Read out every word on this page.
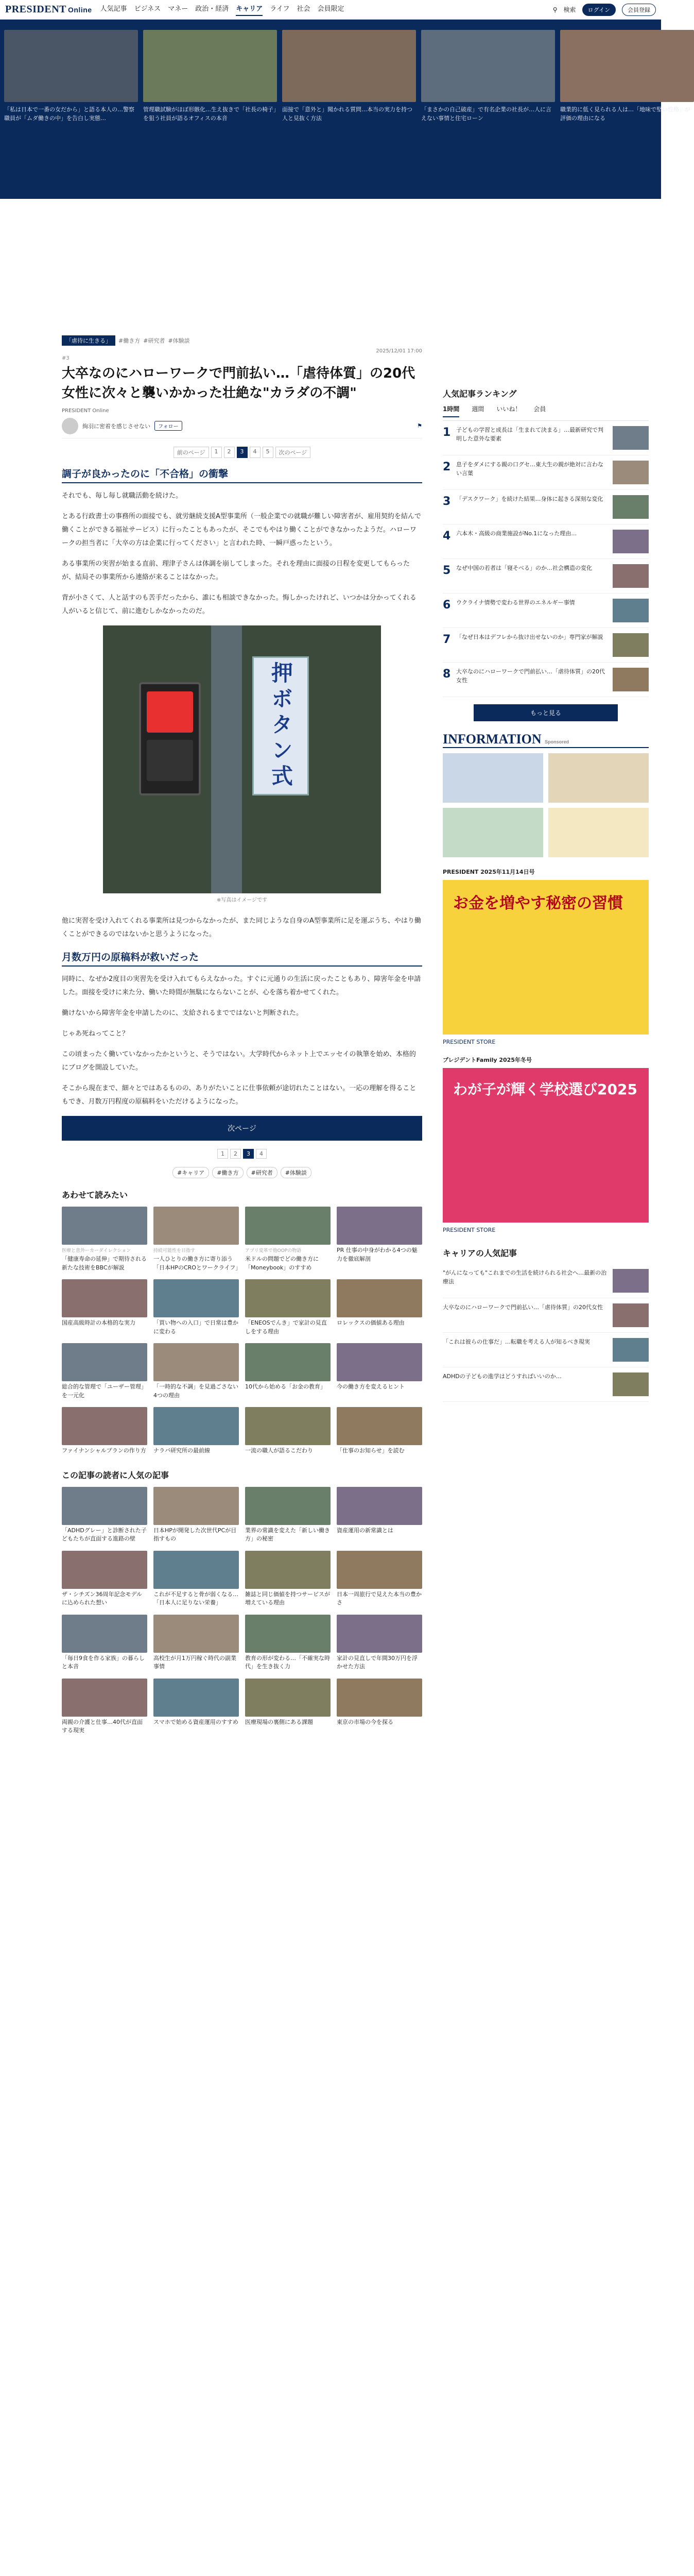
PRESIDENT Online 人気記事 ビジネス マネー 政治・経済 キャリア ライフ 社会 会員限定	⚲ 検索	ログイン	会員登録

「私は日本で一番の女だから」と語る本人の…警察職員が「ムダ働きの中」を告白し実態…

管理職試験がほぼ形骸化…生え抜きで「社長の椅子」を狙う社員が語るオフィスの本音

面接で「意外と」聞かれる質問…本当の実力を持つ人と見抜く方法

「まさかの自己破産」で有名企業の社長が…人に言えない事情と住宅ローン

職業的に低く見られる人は…「地味で堅い性格」が評価の理由になる

「虐待に生きる」	#働き方 #研究者 #体験談
2025/12/01 17:00
#3
大卒なのにハローワークで門前払い…「虐待体質」の20代女性に次々と襲いかかった壮絶な"カラダの不調"
PRESIDENT Online
絢羽に密着を感じさせない	フォロー	⚑
前のページ	1	2	3	4	5	次のページ
調子が良かったのに「不合格」の衝撃

それでも、毎し毎し就職活動を続けた。

とある行政書士の事務所の面接でも、就労継続支援A型事業所（一般企業での就職が難しい障害者が、雇用契約を結んで働くことができる福祉サービス）に行ったこともあったが、そこでもやはり働くことができなかったようだ。ハローワークの担当者に「大卒の方は企業に行ってください」と言われた時、一瞬戸惑ったという。

ある事業所の実習が始まる直前、理津子さんは体調を崩してしまった。それを理由に面接の日程を変更してもらったが、結局その事業所から連絡が来ることはなかった。

背が小さくて、人と話すのも苦手だったから、誰にも相談できなかった。悔しかったけれど、いつかは分かってくれる人がいると信じて、前に進むしかなかったのだ。

押ボタン式
※写真はイメージです

他に実習を受け入れてくれる事業所は見つからなかったが、また同じような自身のA型事業所に足を運ぶうち、やはり働くことができるのではないかと思うようになった。

月数万円の原稿料が救いだった

同時に、なぜか2度目の実習先を受け入れてもらえなかった。すぐに元通りの生活に戻ったこともあり、障害年金を申請した。面接を受けに来た分、働いた時間が無駄にならないことが、心を落ち着かせてくれた。

働けないから障害年金を申請したのに、支給されるまでではないと判断された。

じゃあ死ねってこと？

この頃まったく働いていなかったかというと、そうではない。大学時代からネット上でエッセイの執筆を始め、本格的にブログを開設していた。

そこから現在まで、細々とではあるものの、ありがたいことに仕事依頼が途切れたことはない。一応の理解を得ることもでき、月数万円程度の原稿料をいただけるようになった。

次ページ
1	2	3	4
#キャリア	#働き方	#研究者	#体験談
あわせて読みたい
医療と意外ーカーダイレクション

「健康寿命の延伸」で期待される新たな技術をBBCが解説

持続可能性を目指す

一人ひとりの働き方に寄り添う「日本HPのCROとワークライフ」

アプリ変革で他OOPの物語

米ドルの問題でどの働き方に「Moneybook」のすすめ

PR 仕事の中身がわかる4つの魅力を徹底解剖

国産高級時計の本格的な実力	「買い物への入口」で日常は豊かに変わる

「ENEOSでんき」で家計の見直しをする理由

ロレックスの価値ある理由

総合的な管理で「ユーザー管理」を一元化

「一時的な不調」を見過ごさない4つの理由

10代から始める「お金の教育」	今の働き方を変えるヒント

ファイナンシャルプランの作り方 ナラバ研究所の最前線	一流の職人が語るこだわり	「仕事のお知らせ」を読む

この記事の読者に人気の記事

「ADHDグレー」と診断された子どもたちが直面する進路の壁

日本HPが開発した次世代PCが目指すもの

業界の常識を変えた「新しい働き方」の秘密

資産運用の新常識とは

ザ・シチズン36周年記念モデルに込められた想い

これが不足すると骨が弱くなる…「日本人に足りない栄養」

雑誌と同じ価値を持つサービスが増えている理由

日本一周旅行で見えた本当の豊かさ

「毎日9食を作る家族」の暮らしと本音

高校生が月1万円稼ぐ時代の副業事情

教育の形が変わる…「不確実な時代」を生き抜く力

家計の見直しで年間30万円を浮かせた方法

両親の介護と仕事…40代が直面する現実

スマホで始める資産運用のすすめ 医療現場の裏側にある課題	東京の市場の今を探る

人気記事ランキング
1時間 週間 いいね！ 会員
1 子どもの学習と成長は「生まれて決まる」…最新研究で判明した意外な要素

2 息子をダメにする親の口グセ…東大生の親が絶対に言わない言葉

3 「デスクワーク」を続けた結果…身体に起きる深刻な変化

4 六本木・高級の商業施設がNo.1になった理由…

5 なぜ中国の若者は「寝そべる」のか…社会構造の変化

6 ウクライナ情勢で変わる世界のエネルギー事情

7 「なぜ日本はデフレから抜け出せないのか」専門家が解説

8 大卒なのにハローワークで門前払い…「虐待体質」の20代女性

もっと見る
INFORMATION Sponsored
PRESIDENT 2025年11月14日号
お金を増やす秘密の習慣
PRESIDENT STORE
プレジデントFamily 2025年冬号
わが子が輝く学校選び2025
PRESIDENT STORE
キャリアの人気記事

"がんになっても"これまでの生活を続けられる社会へ…最新の治療法

大卒なのにハローワークで門前払い…「虐待体質」の20代女性

「これは彼らの仕事だ」…転職を考える人が知るべき現実

ADHDの子どもの進学はどうすればいいのか…
